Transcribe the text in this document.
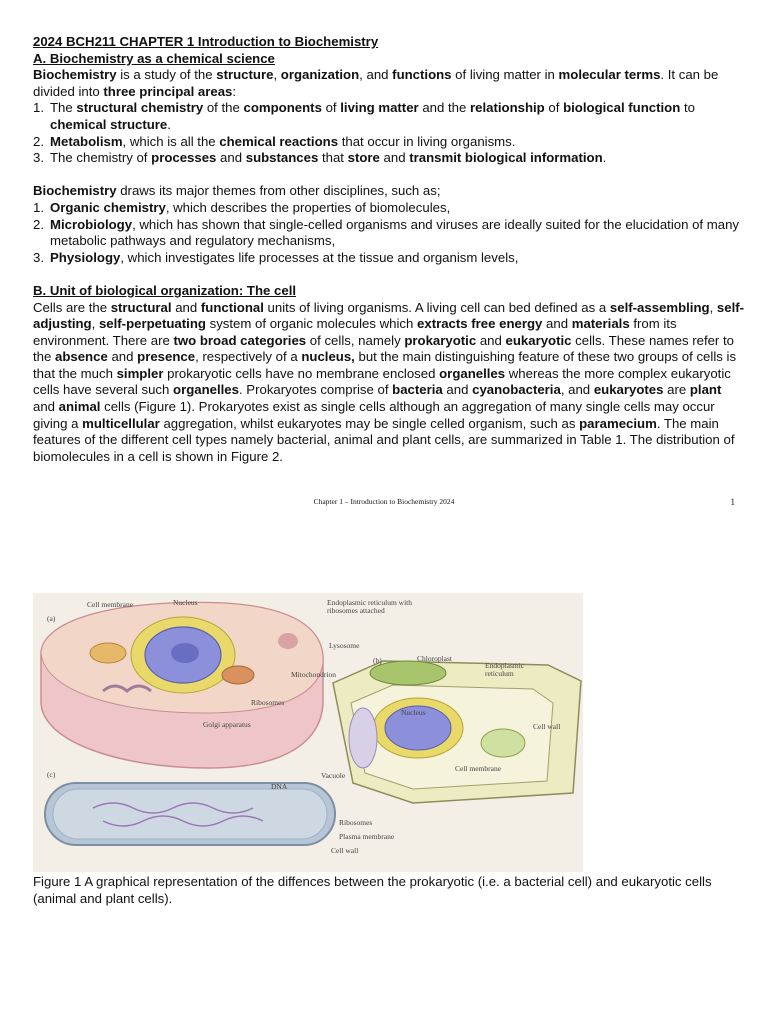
2024 BCH211 CHAPTER 1 Introduction to Biochemistry

A. Biochemistry as a chemical science

Biochemistry is a study of the structure, organization, and functions of living matter in molecular terms. It can be divided into three principal areas:

1. The structural chemistry of the components of living matter and the relationship of biological function to chemical structure.
2. Metabolism, which is all the chemical reactions that occur in living organisms.
3. The chemistry of processes and substances that store and transmit biological information.

Biochemistry draws its major themes from other disciplines, such as;

1. Organic chemistry, which describes the properties of biomolecules,
2. Microbiology, which has shown that single-celled organisms and viruses are ideally suited for the elucidation of many metabolic pathways and regulatory mechanisms,
3. Physiology, which investigates life processes at the tissue and organism levels,

B. Unit of biological organization: The cell

Cells are the structural and functional units of living organisms. A living cell can bed defined as a self-assembling, self-adjusting, self-perpetuating system of organic molecules which extracts free energy and materials from its environment. There are two broad categories of cells, namely prokaryotic and eukaryotic cells. These names refer to the absence and presence, respectively of a nucleus, but the main distinguishing feature of these two groups of cells is that the much simpler prokaryotic cells have no membrane enclosed organelles whereas the more complex eukaryotic cells have several such organelles. Prokaryotes comprise of bacteria and cyanobacteria, and eukaryotes are plant and animal cells (Figure 1). Prokaryotes exist as single cells although an aggregation of many single cells may occur giving a multicellular aggregation, whilst eukaryotes may be single celled organism, such as paramecium. The main features of the different cell types namely bacterial, animal and plant cells, are summarized in Table 1. The distribution of biomolecules in a cell is shown in Figure 2.

Chapter 1 – Introduction to Biochemistry 2024	1
(a)
Cell membrane	Nucleus	Endoplasmic reticulum with
ribosomes attached
Lysosome
Mitochondrion
Ribosomes
Golgi apparatus
(b)	Chloroplast
Endoplasmic
reticulum
Nucleus
Cell wall
Vacuole
Cell membrane
(c)
DNA
Ribosomes
Plasma membrane
Cell wall

Figure 1 A graphical representation of the diffences between the prokaryotic (i.e. a bacterial cell) and eukaryotic cells (animal and plant cells).
